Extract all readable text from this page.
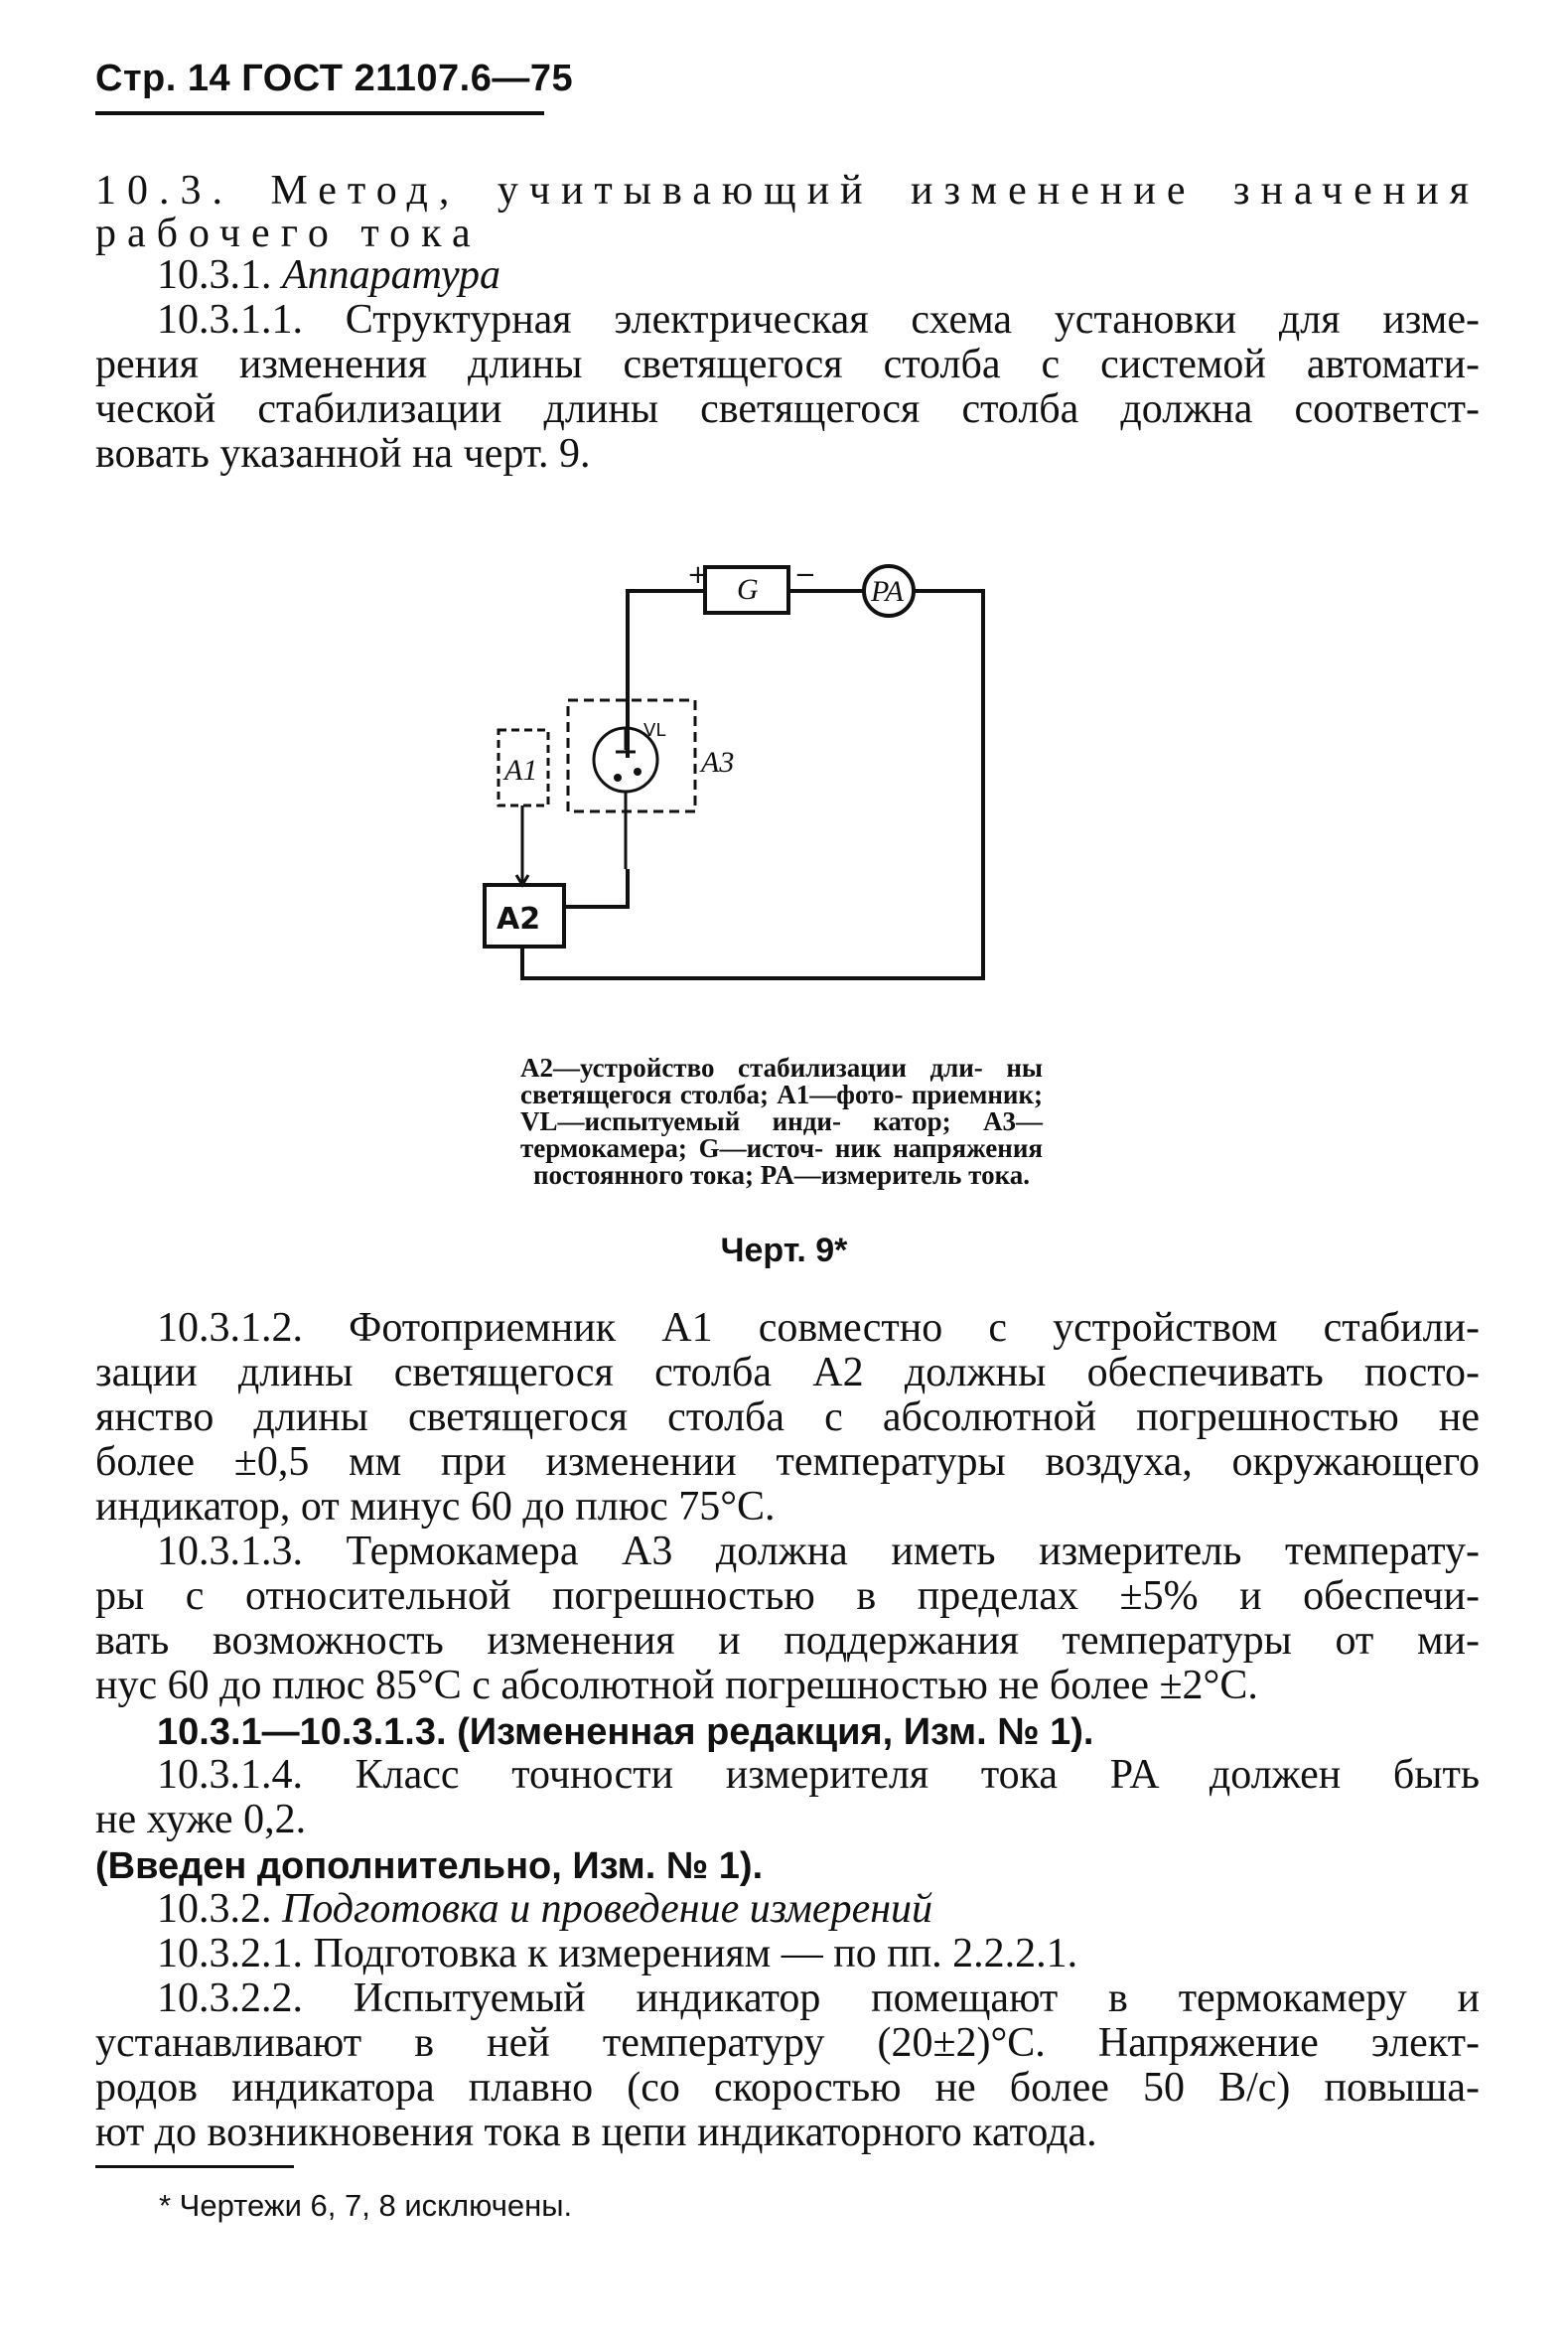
Стр. 14 ГОСТ 21107.6—75
10.3. Метод, учитывающий изменение значения
рабочего тока
10.3.1. Аппаратура
10.3.1.1. Структурная электрическая схема установки для изме-
рения изменения длины светящегося столба с системой автомати-
ческой стабилизации длины светящегося столба должна соответст-
вовать указанной на черт. 9.
+	−
G	PA
A1
A2
A3
VL

A2—устройство стабилизации дли- ны светящегося столба; A1—фото- приемник; VL—испытуемый инди- катор; A3—термокамера; G—источ- ник напряжения постоянного тока; PA—измеритель тока.

Черт. 9*
10.3.1.2. Фотоприемник A1 совместно с устройством стабили-
зации длины светящегося столба A2 должны обеспечивать посто-
янство длины светящегося столба с абсолютной погрешностью не
более ±0,5 мм при изменении температуры воздуха, окружающего
индикатор, от минус 60 до плюс 75°С.
10.3.1.3. Термокамера A3 должна иметь измеритель температу-
ры с относительной погрешностью в пределах ±5% и обеспечи-
вать возможность изменения и поддержания температуры от ми-
нус 60 до плюс 85°С с абсолютной погрешностью не более ±2°С.
10.3.1—10.3.1.3. (Измененная редакция, Изм. № 1).
10.3.1.4. Класс точности измерителя тока PA должен быть
не хуже 0,2.
(Введен дополнительно, Изм. № 1).
10.3.2. Подготовка и проведение измерений
10.3.2.1. Подготовка к измерениям — по пп. 2.2.2.1.
10.3.2.2. Испытуемый индикатор помещают в термокамеру и
устанавливают в ней температуру (20±2)°С. Напряжение элект-
родов индикатора плавно (со скоростью не более 50 В/с) повыша-
ют до возникновения тока в цепи индикаторного катода.
* Чертежи 6, 7, 8 исключены.
